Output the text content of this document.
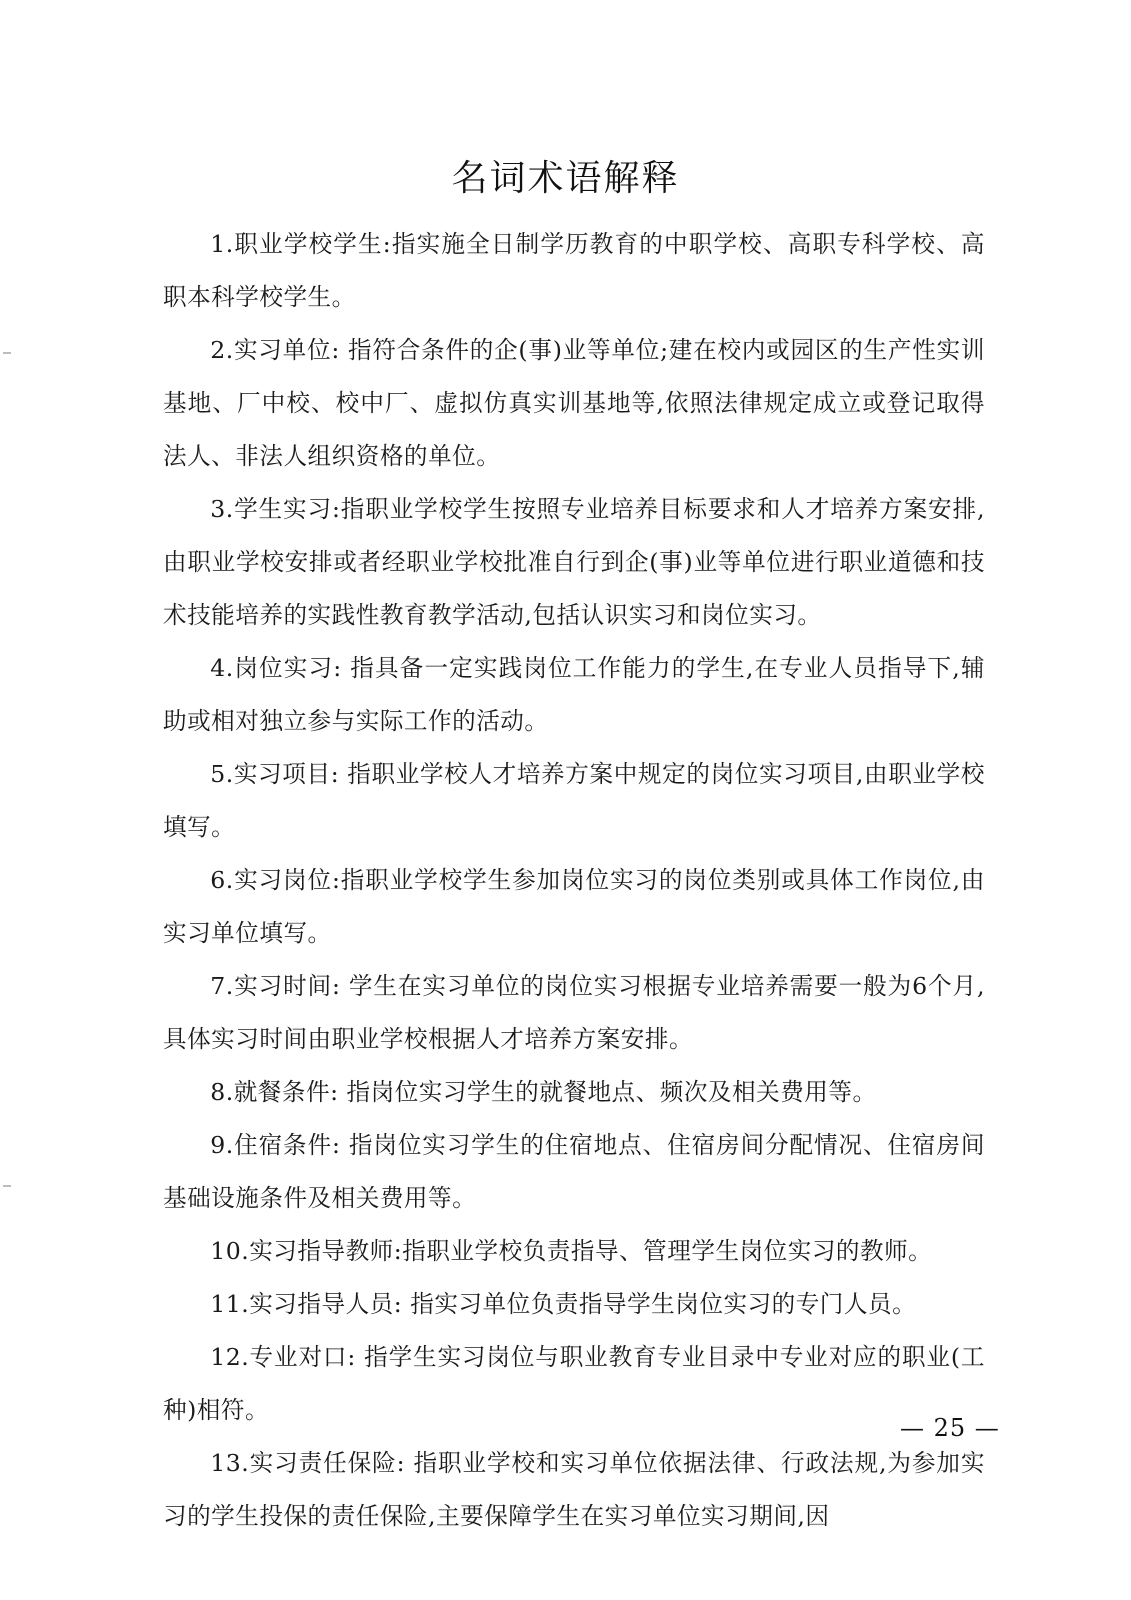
名词术语解释

1.职业学校学生:指实施全日制学历教育的中职学校、高职专科学校、高职本科学校学生。

2.实习单位: 指符合条件的企(事)业等单位;建在校内或园区的生产性实训基地、厂中校、校中厂、虚拟仿真实训基地等,依照法律规定成立或登记取得法人、非法人组织资格的单位。

3.学生实习:指职业学校学生按照专业培养目标要求和人才培养方案安排,由职业学校安排或者经职业学校批准自行到企(事)业等单位进行职业道德和技术技能培养的实践性教育教学活动,包括认识实习和岗位实习。

4.岗位实习: 指具备一定实践岗位工作能力的学生,在专业人员指导下,辅助或相对独立参与实际工作的活动。

5.实习项目: 指职业学校人才培养方案中规定的岗位实习项目,由职业学校填写。

6.实习岗位:指职业学校学生参加岗位实习的岗位类别或具体工作岗位,由实习单位填写。

7.实习时间: 学生在实习单位的岗位实习根据专业培养需要一般为6个月,具体实习时间由职业学校根据人才培养方案安排。

8.就餐条件: 指岗位实习学生的就餐地点、频次及相关费用等。

9.住宿条件: 指岗位实习学生的住宿地点、住宿房间分配情况、住宿房间基础设施条件及相关费用等。

10.实习指导教师:指职业学校负责指导、管理学生岗位实习的教师。

11.实习指导人员: 指实习单位负责指导学生岗位实习的专门人员。

12.专业对口: 指学生实习岗位与职业教育专业目录中专业对应的职业(工种)相符。

13.实习责任保险: 指职业学校和实习单位依据法律、行政法规,为参加实习的学生投保的责任保险,主要保障学生在实习单位实习期间,因

— 25 —
